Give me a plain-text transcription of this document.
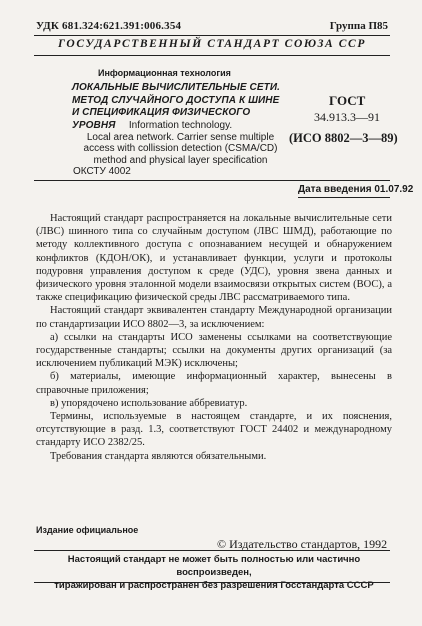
УДК 681.324:621.391:006.354	Группа П85
ГОСУДАРСТВЕННЫЙ СТАНДАРТ СОЮЗА ССР
Информационная технология
ЛОКАЛЬНЫЕ ВЫЧИСЛИТЕЛЬНЫЕ СЕТИ.
МЕТОД СЛУЧАЙНОГО ДОСТУПА К ШИНЕ
И СПЕЦИФИКАЦИЯ ФИЗИЧЕСКОГО УРОВНЯ
ГОСТ
34.913.3—91
(ИСО 8802—3—89)
Information technology.
Local area network. Carrier sense multiple
access with collission detection (CSMA/CD)
method and physical layer specification
ОКСТУ 4002
Дата введения 01.07.92

Настоящий стандарт распространяется на локальные вычислительные сети (ЛВС) шинного типа со случайным доступом (ЛВС ШМД), работающие по методу коллективного доступа с опознаванием несущей и обнаружением конфликтов (КДОН/ОК), и устанавливает функции, услуги и протоколы подуровня управления доступом к среде (УДС), уровня звена данных и физического уровня эталонной модели взаимосвязи открытых систем (ВОС), а также спецификацию физической среды ЛВС рассматриваемого типа.

Настоящий стандарт эквивалентен стандарту Международной организации по стандартизации ИСО 8802—3, за исключением:

а) ссылки на стандарты ИСО заменены ссылками на соответствующие государственные стандарты; ссылки на документы других организаций (за исключением публикаций МЭК) исключены;

б) материалы, имеющие информационный характер, вынесены в справочные приложения;

в) упорядочено использование аббревиатур.

Термины, используемые в настоящем стандарте, и их пояснения, отсутствующие в разд. 1.3, соответствуют ГОСТ 24402 и международному стандарту ИСО 2382/25.

Требования стандарта являются обязательными.

Издание официальное
© Издательство стандартов, 1992
Настоящий стандарт не может быть полностью или частично воспроизведен,
тиражирован и распространен без разрешения Госстандарта СССР
